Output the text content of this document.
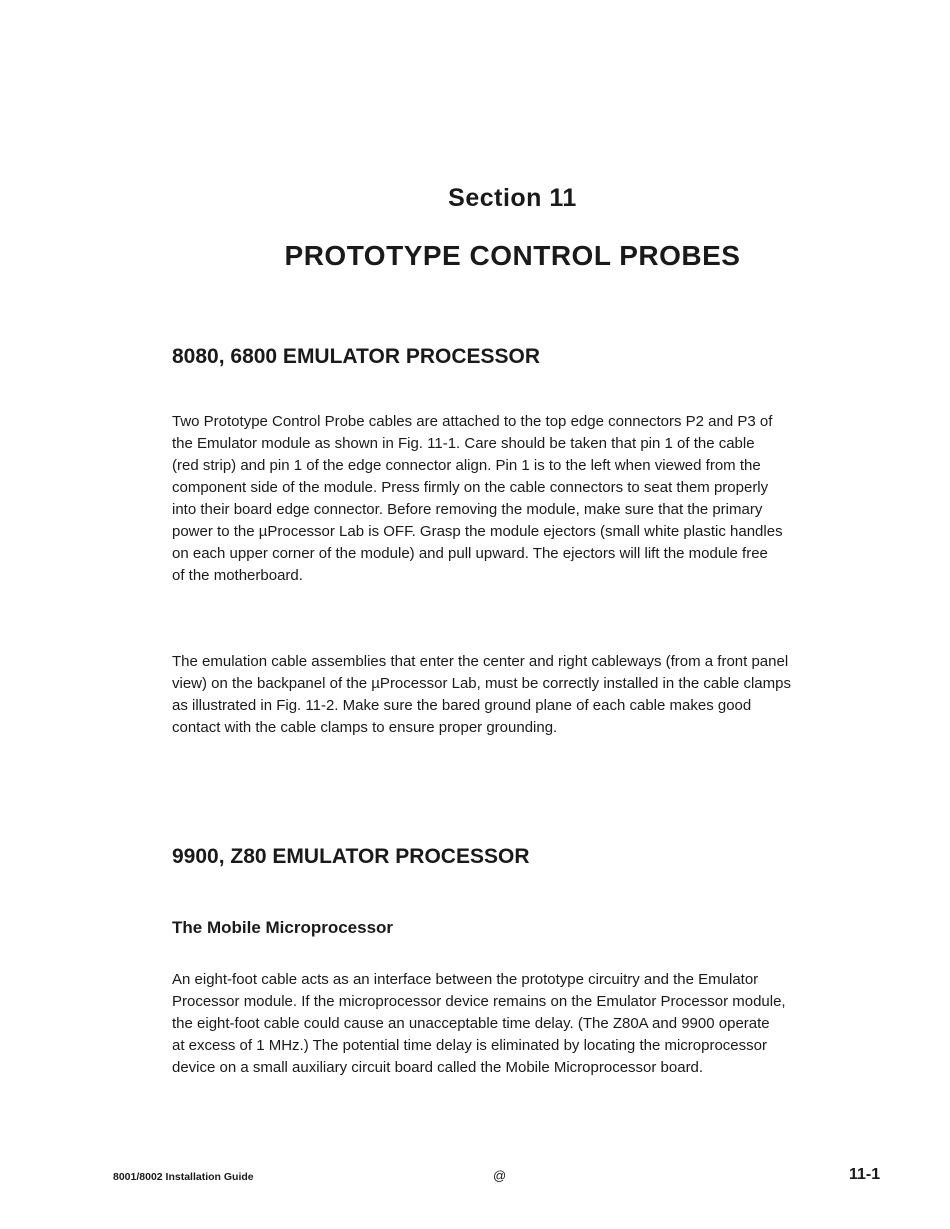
Section 11
PROTOTYPE CONTROL PROBES
8080, 6800 EMULATOR PROCESSOR
Two Prototype Control Probe cables are attached to the top edge connectors P2 and P3 of
the Emulator module as shown in Fig. 11-1. Care should be taken that pin 1 of the cable
(red strip) and pin 1 of the edge connector align. Pin 1 is to the left when viewed from the
component side of the module. Press firmly on the cable connectors to seat them properly
into their board edge connector. Before removing the module, make sure that the primary
power to the µProcessor Lab is OFF. Grasp the module ejectors (small white plastic handles
on each upper corner of the module) and pull upward. The ejectors will lift the module free
of the motherboard.
The emulation cable assemblies that enter the center and right cableways (from a front panel
view) on the backpanel of the µProcessor Lab, must be correctly installed in the cable clamps
as illustrated in Fig. 11-2. Make sure the bared ground plane of each cable makes good
contact with the cable clamps to ensure proper grounding.
9900, Z80 EMULATOR PROCESSOR
The Mobile Microprocessor
An eight-foot cable acts as an interface between the prototype circuitry and the Emulator
Processor module. If the microprocessor device remains on the Emulator Processor module,
the eight-foot cable could cause an unacceptable time delay. (The Z80A and 9900 operate
at excess of 1 MHz.) The potential time delay is eliminated by locating the microprocessor
device on a small auxiliary circuit board called the Mobile Microprocessor board.
8001/8002 Installation Guide	@	11-1
